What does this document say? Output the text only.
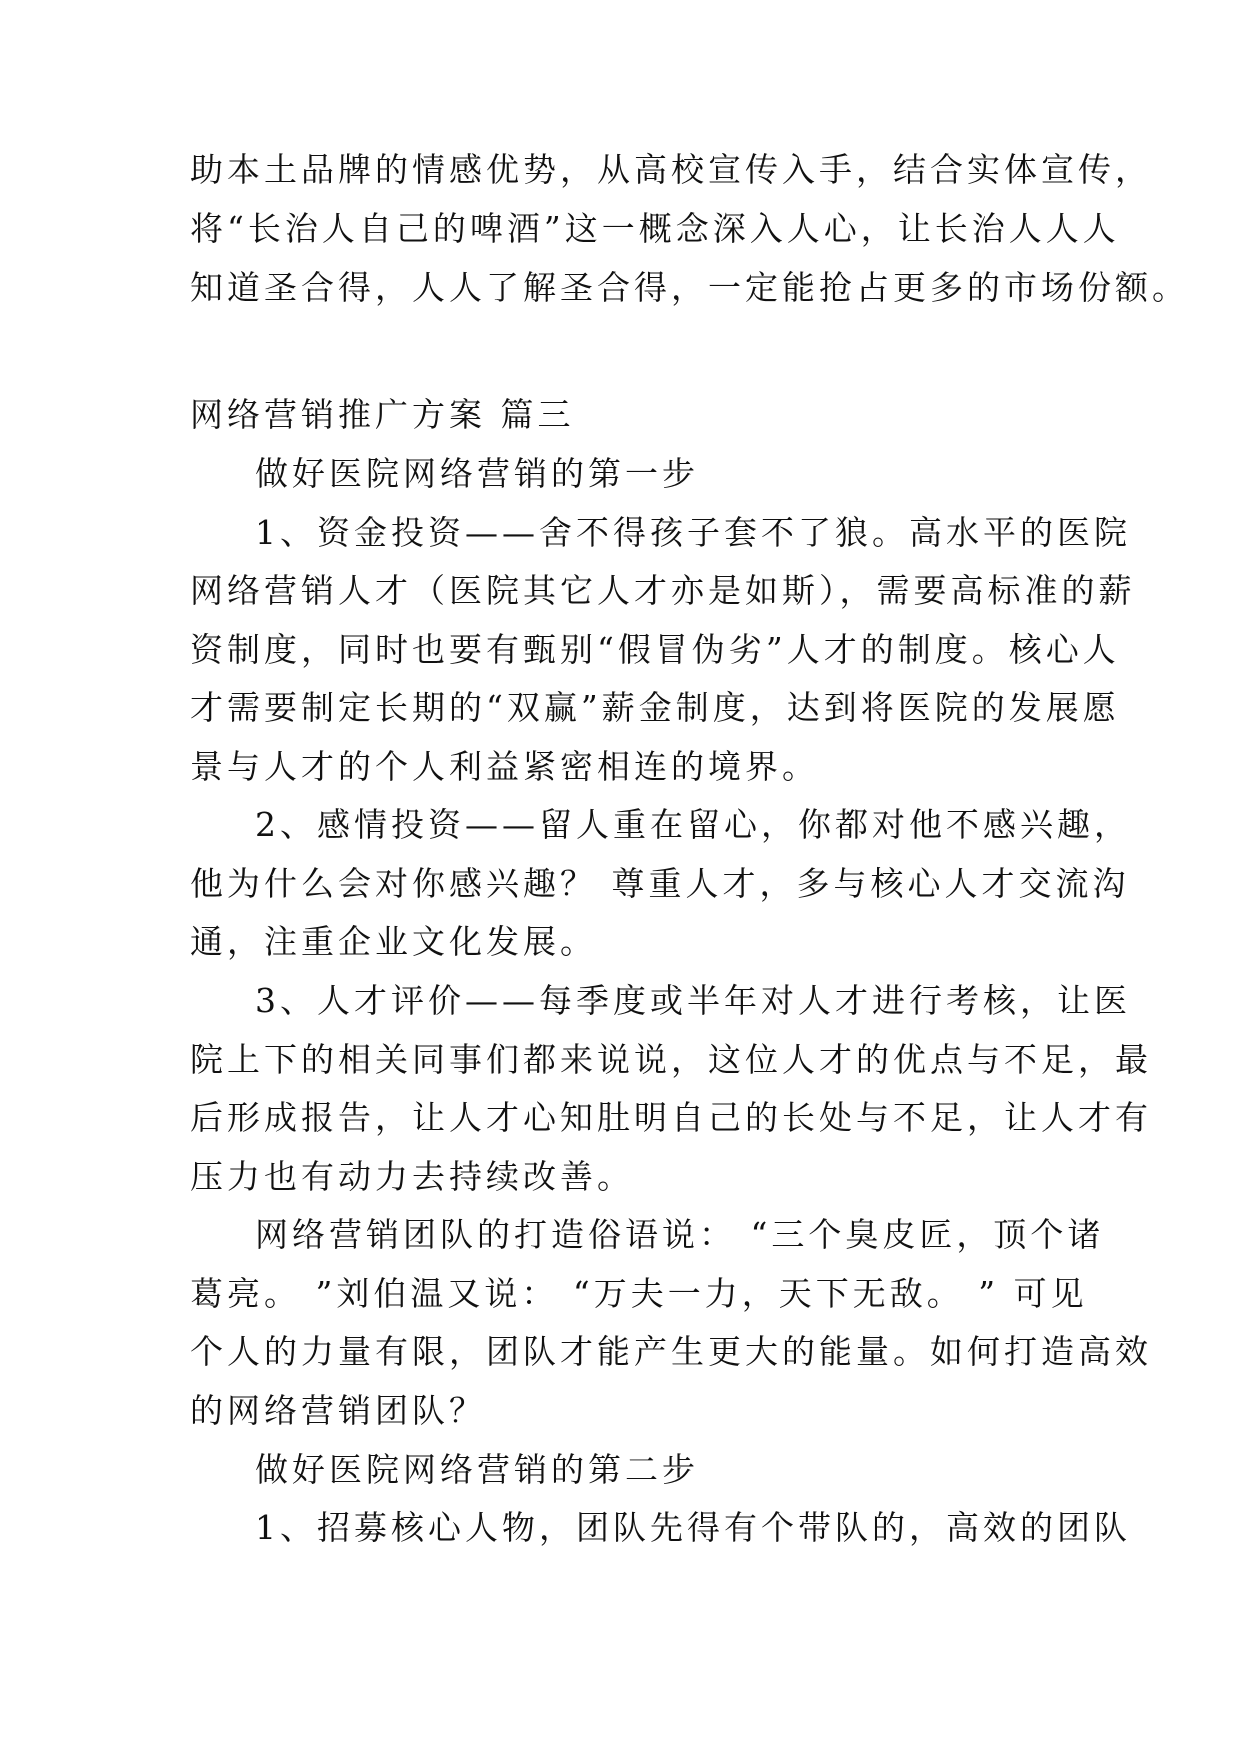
助本土品牌的情感优势，从高校宣传入手，结合实体宣传，
将“长治人自己的啤酒”这一概念深入人心，让长治人人人
知道圣合得，人人了解圣合得，一定能抢占更多的市场份额。
网络营销推广方案 篇三
做好医院网络营销的第一步
1、资金投资——舍不得孩子套不了狼。高水平的医院
网络营销人才（医院其它人才亦是如斯），需要高标准的薪
资制度，同时也要有甄别“假冒伪劣”人才的制度。核心人
才需要制定长期的“双赢”薪金制度，达到将医院的发展愿
景与人才的个人利益紧密相连的境界。
2、感情投资——留人重在留心，你都对他不感兴趣，
他为什么会对你感兴趣？ 尊重人才，多与核心人才交流沟
通，注重企业文化发展。
3、人才评价——每季度或半年对人才进行考核，让医
院上下的相关同事们都来说说，这位人才的优点与不足，最
后形成报告，让人才心知肚明自己的长处与不足，让人才有
压力也有动力去持续改善。
网络营销团队的打造俗语说： “三个臭皮匠，顶个诸
葛亮。 ”刘伯温又说： “万夫一力，天下无敌。 ” 可见
个人的力量有限，团队才能产生更大的能量。如何打造高效
的网络营销团队？
做好医院网络营销的第二步
1、招募核心人物，团队先得有个带队的，高效的团队
